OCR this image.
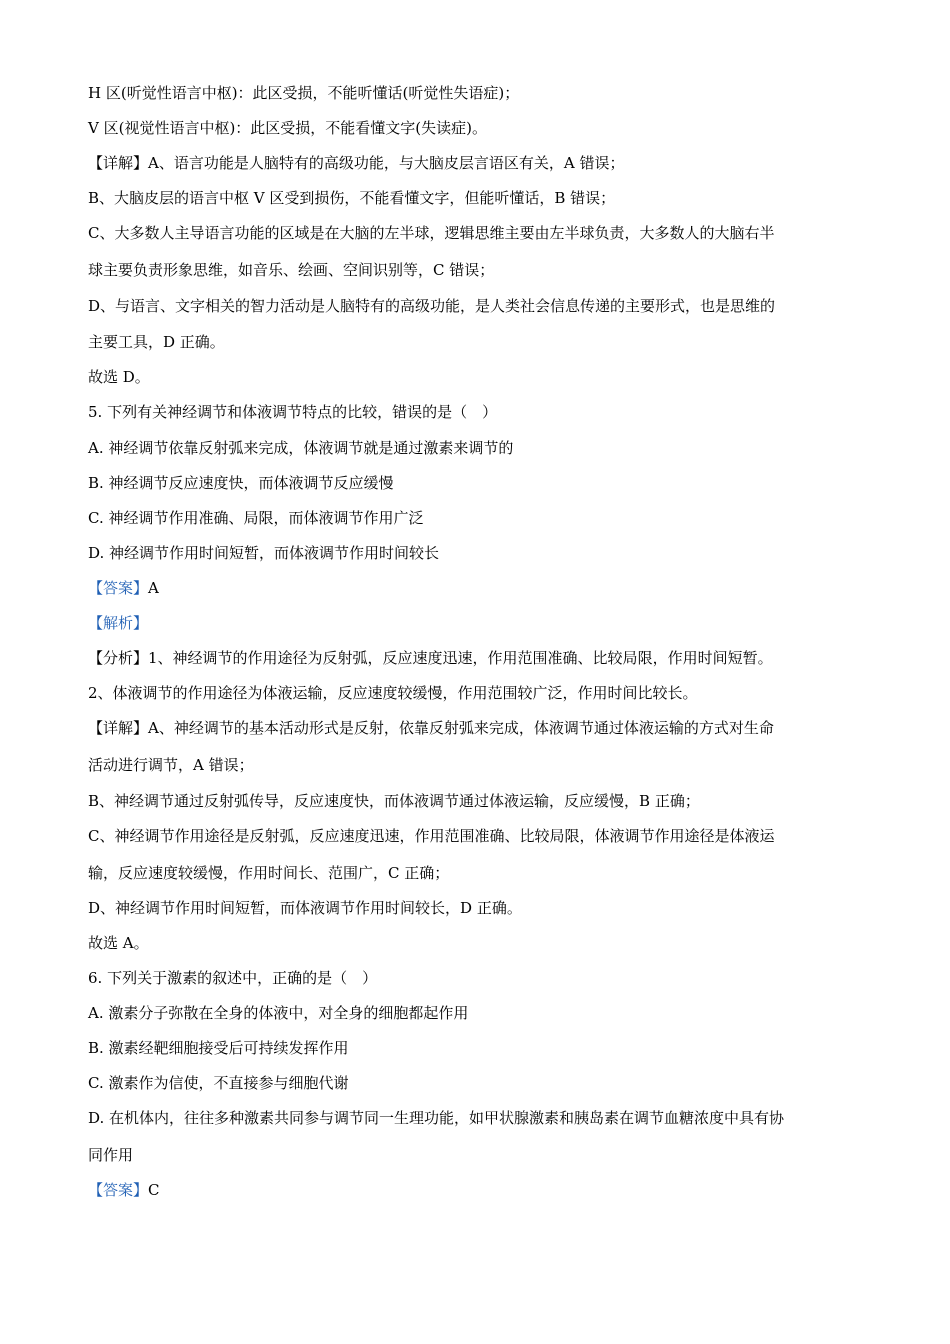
H 区(听觉性语言中枢)：此区受损，不能听懂话(听觉性失语症)；
V 区(视觉性语言中枢)：此区受损，不能看懂文字(失读症)。
【详解】A、语言功能是人脑特有的高级功能，与大脑皮层言语区有关，A 错误；
B、大脑皮层的语言中枢 V 区受到损伤，不能看懂文字，但能听懂话，B 错误；
C、大多数人主导语言功能的区域是在大脑的左半球，逻辑思维主要由左半球负责，大多数人的大脑右半
球主要负责形象思维，如音乐、绘画、空间识别等，C 错误；
D、与语言、文字相关的智力活动是人脑特有的高级功能，是人类社会信息传递的主要形式，也是思维的
主要工具，D 正确。
故选 D。
5. 下列有关神经调节和体液调节特点的比较，错误的是（　）
A. 神经调节依靠反射弧来完成，体液调节就是通过激素来调节的
B. 神经调节反应速度快，而体液调节反应缓慢
C. 神经调节作用准确、局限，而体液调节作用广泛
D. 神经调节作用时间短暂，而体液调节作用时间较长
【答案】A
【解析】
【分析】1、神经调节的作用途径为反射弧，反应速度迅速，作用范围准确、比较局限，作用时间短暂。
2、体液调节的作用途径为体液运输，反应速度较缓慢，作用范围较广泛，作用时间比较长。
【详解】A、神经调节的基本活动形式是反射，依靠反射弧来完成，体液调节通过体液运输的方式对生命
活动进行调节，A 错误；
B、神经调节通过反射弧传导，反应速度快，而体液调节通过体液运输，反应缓慢，B 正确；
C、神经调节作用途径是反射弧，反应速度迅速，作用范围准确、比较局限，体液调节作用途径是体液运
输，反应速度较缓慢，作用时间长、范围广，C 正确；
D、神经调节作用时间短暂，而体液调节作用时间较长，D 正确。
故选 A。
6. 下列关于激素的叙述中，正确的是（　）
A. 激素分子弥散在全身的体液中，对全身的细胞都起作用
B. 激素经靶细胞接受后可持续发挥作用
C. 激素作为信使，不直接参与细胞代谢
D. 在机体内，往往多种激素共同参与调节同一生理功能，如甲状腺激素和胰岛素在调节血糖浓度中具有协
同作用
【答案】C
